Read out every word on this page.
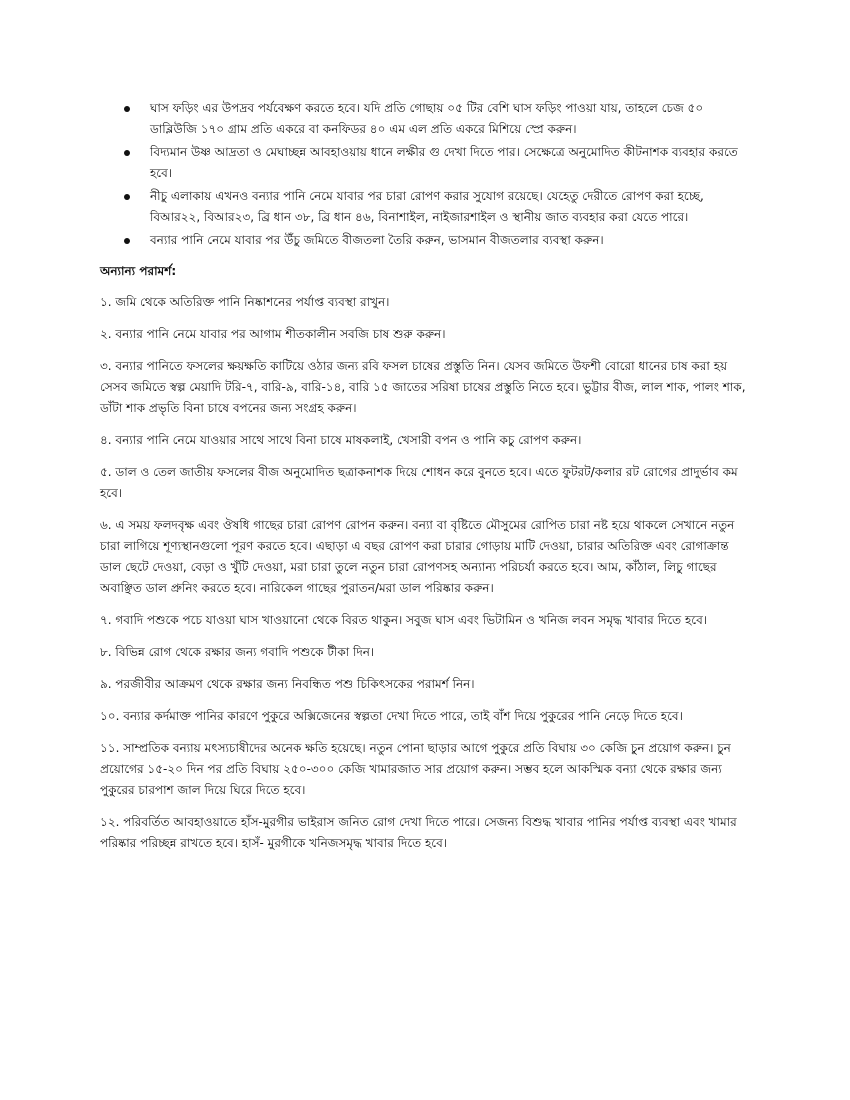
ঘাস ফড়িং এর উপদ্রব পর্যবেক্ষণ করতে হবে। যদি প্রতি গোছায় ০৫ টির বেশি ঘাস ফড়িং পাওয়া যায়, তাহলে চেজ ৫০ ডাব্লিউজি ১৭০ গ্রাম প্রতি একরে বা কনফিডর ৪০ এম এল প্রতি একরে মিশিয়ে স্প্রে করুন।
বিদ্যমান উষ্ণ আদ্রতা ও মেঘাচ্ছন্ন আবহাওয়ায় ধানে লক্ষীর গু দেখা দিতে পার। সেক্ষেত্রে অনুমোদিত কীটনাশক ব্যবহার করতে হবে।
নীচু এলাকায় এখনও বন্যার পানি নেমে যাবার পর চারা রোপণ করার সুযোগ রয়েছে। যেহেতু দেরীতে রোপণ করা হচ্ছে, বিআর২২, বিআর২৩, ব্রি ধান ৩৮, ব্রি ধান ৪৬, বিনাশাইল, নাইজারশাইল ও স্থানীয় জাত ব্যবহার করা যেতে পারে।
বন্যার পানি নেমে যাবার পর উঁচু জমিতে বীজতলা তৈরি করুন, ভাসমান বীজতলার ব্যবস্থা করুন।
অন্যান্য পরামর্শ:

১. জমি থেকে অতিরিক্ত পানি নিষ্কাশনের পর্যাপ্ত ব্যবস্থা রাখুন।

২. বন্যার পানি নেমে যাবার পর আগাম শীতকালীন সবজি চাষ শুরু করুন।

৩. বন্যার পানিতে ফসলের ক্ষয়ক্ষতি কাটিয়ে ওঠার জন্য রবি ফসল চাষের প্রস্তুতি নিন। যেসব জমিতে উফশী বোরো ধানের চাষ করা হয় সেসব জমিতে স্বল্প মেয়াদি টরি-৭, বারি-৯, বারি-১৪, বারি ১৫ জাতের সরিষা চাষের প্রস্তুতি নিতে হবে। ভুট্টার বীজ, লাল শাক, পালং শাক, ডাঁটা শাক প্রভৃতি বিনা চাষে বপনের জন্য সংগ্রহ করুন।

৪. বন্যার পানি নেমে যাওয়ার সাথে সাথে বিনা চাষে মাষকলাই, খেসারী বপন ও পানি কচু রোপণ করুন।

৫. ডাল ও তেল জাতীয় ফসলের বীজ অনুমোদিত ছত্রাকনাশক দিয়ে শোধন করে বুনতে হবে। এতে ফুটরট/কলার রট রোগের প্রাদুর্ভাব কম হবে।

৬. এ সময় ফলদবৃক্ষ এবং ঔষধি গাছের চারা রোপণ রোপন করুন। বন্যা বা বৃষ্টিতে মৌসুমের রোপিত চারা নষ্ট হয়ে থাকলে সেখানে নতুন চারা লাগিয়ে শূণ্যস্থানগুলো পূরণ করতে হবে। এছাড়া এ বছর রোপণ করা চারার গোড়ায় মাটি দেওয়া, চারার অতিরিক্ত এবং রোগাক্রান্ত ডাল ছেটে দেওয়া, বেড়া ও খুঁটি দেওয়া, মরা চারা তুলে নতুন চারা রোপণসহ অন্যান্য পরিচর্যা করতে হবে। আম, কাঁঠাল, লিচু গাছের অবাঞ্ছিত ডাল প্রুনিং করতে হবে। নারিকেল গাছের পুরাতন/মরা ডাল পরিষ্কার করুন।

৭. গবাদি পশুকে পচে যাওয়া ঘাস খাওয়ানো থেকে বিরত থাকুন। সবুজ ঘাস এবং ভিটামিন ও খনিজ লবন সমৃদ্ধ খাবার দিতে হবে।

৮. বিভিন্ন রোগ থেকে রক্ষার জন্য গবাদি পশুকে টীকা দিন।

৯. পরজীবীর আক্রমণ থেকে রক্ষার জন্য নিবন্ধিত পশু চিকিৎসকের পরামর্শ নিন।

১০. বন্যার কর্দমাক্ত পানির কারণে পুকুরে অক্সিজেনের স্বল্পতা দেখা দিতে পারে, তাই বাঁশ দিয়ে পুকুরের পানি নেড়ে দিতে হবে।

১১. সাম্প্রতিক বন্যায় মৎস্যচাষীদের অনেক ক্ষতি হয়েছে। নতুন পোনা ছাড়ার আগে পুকুরে প্রতি বিঘায় ৩০ কেজি চুন প্রয়োগ করুন। চুন প্রয়োগের ১৫-২০ দিন পর প্রতি বিঘায় ২৫০-৩০০ কেজি খামারজাত সার প্রয়োগ করুন। সম্ভব হলে আকস্মিক বন্যা থেকে রক্ষার জন্য পুকুরের চারপাশ জাল দিয়ে ঘিরে দিতে হবে।

১২. পরিবর্তিত আবহাওয়াতে হাঁস-মুরগীর ভাইরাস জনিত রোগ দেখা দিতে পারে। সেজন্য বিশুদ্ধ খাবার পানির পর্যাপ্ত ব্যবস্থা এবং খামার পরিষ্কার পরিচ্ছন্ন রাখতে হবে। হাসঁ- মুরগীকে খনিজসমৃদ্ধ খাবার দিতে হবে।
